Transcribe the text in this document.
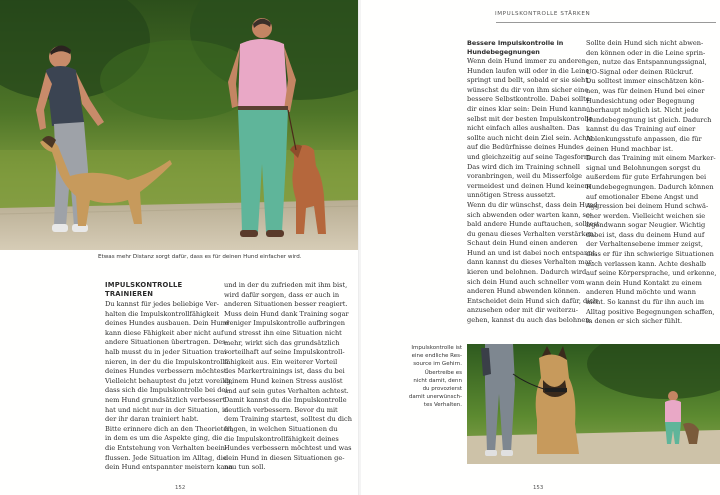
Etwas mehr Distanz sorgt dafür, dass es für deinen Hund einfacher wird.
IMPULSKONTROLLE
TRAINIEREN
Du kannst für jedes beliebige Ver-
halten die Impulskontrollfähigkeit
deines Hundes ausbauen. Dein Hund
kann diese Fähigkeit aber nicht auf
andere Situationen übertragen. Des-
halb musst du in jeder Situation trai-
nieren, in der du die Impulskontrolle
deines Hundes verbessern möchtest.
Vielleicht behauptest du jetzt voreilig,
dass sich die Impulskontrolle bei dei-
nem Hund grundsätzlich verbessert
hat und nicht nur in der Situation, in
der ihr daran trainiert habt.
Bitte erinnere dich an den Theorieteil,
in dem es um die Aspekte ging, die
die Entstehung von Verhalten beein-
flussen. Jede Situation im Alltag, die
dein Hund entspannter meistern kann
und in der du zufrieden mit ihm bist,
wird dafür sorgen, dass er auch in
anderen Situationen besser reagiert.
Muss dein Hund dank Training sogar
weniger Impulskontrolle aufbringen
und stresst ihn eine Situation nicht
mehr, wirkt sich das grundsätzlich
vorteilhaft auf seine Impulskontroll-
fähigkeit aus. Ein weiterer Vorteil
des Markertrainings ist, dass du bei
deinem Hund keinen Stress auslöst
und auf sein gutes Verhalten achtest.
Damit kannst du die Impulskontrolle
deutlich verbessern. Bevor du mit
dem Training startest, solltest du dich
fragen, in welchen Situationen du
die Impulskontrollfähigkeit deines
Hundes verbessern möchtest und was
dein Hund in diesen Situationen ge-
nau tun soll.
152
IMPULSKONTROLLE STÄRKEN
Bessere Impulskontrolle in
Hundebegegnungen
Wenn dein Hund immer zu anderen
Hunden laufen will oder in die Leine
springt und bellt, sobald er sie sieht,
wünschst du dir von ihm sicher eine
bessere Selbstkontrolle. Dabei sollte
dir eines klar sein: Dein Hund kann
selbst mit der besten Impulskontrolle
nicht einfach alles aushalten. Das
sollte auch nicht dein Ziel sein. Achte
auf die Bedürfnisse deines Hundes
und gleichzeitig auf seine Tagesform.
Das wird dich im Training schnell
voranbringen, weil du Misserfolge
vermeidest und deinen Hund keinem
unnötigen Stress aussetzt.
Wenn du dir wünschst, dass dein Hund
sich abwenden oder warten kann, so-
bald andere Hunde auftauchen, solltest
du genau dieses Verhalten verstärken.
Schaut dein Hund einen anderen
Hund an und ist dabei noch entspannt,
dann kannst du dieses Verhalten mar-
kieren und belohnen. Dadurch wird
sich dein Hund auch schneller vom
anderen Hund abwenden können.
Entscheidet dein Hund sich dafür, dich
anzusehen oder mit dir weiterzu-
gehen, kannst du auch das belohnen.
Sollte dein Hund sich nicht abwen-
den können oder in die Leine sprin-
gen, nutze das Entspannungssignal,
UO-Signal oder deinen Rückruf.
Du solltest immer einschätzen kön-
nen, was für deinen Hund bei einer
Hundesichtung oder Begegnung
überhaupt möglich ist. Nicht jede
Hundebegegnung ist gleich. Dadurch
kannst du das Training auf einer
Ablenkungsstufe anpassen, die für
deinen Hund machbar ist.
Durch das Training mit einem Marker-
signal und Belohnungen sorgst du
außerdem für gute Erfahrungen bei
Hundebegegnungen. Dadurch können
auf emotionaler Ebene Angst und
Aggression bei deinem Hund schwä-
cher werden. Vielleicht weichen sie
irgendwann sogar Neugier. Wichtig
dabei ist, dass du deinem Hund auf
der Verhaltensebene immer zeigst,
dass er für ihn schwierige Situationen
auch verlassen kann. Achte deshalb
auf seine Körpersprache, und erkenne,
wann dein Hund Kontakt zu einem
anderen Hund möchte und wann
nicht. So kannst du für ihn auch im
Alltag positive Begegnungen schaffen,
in denen er sich sicher fühlt.
Impulskontrolle ist
eine endliche Res-
source im Gehirn.
Übertreibe es
nicht damit, denn
du provozierst
damit unerwünsch-
tes Verhalten.
153
